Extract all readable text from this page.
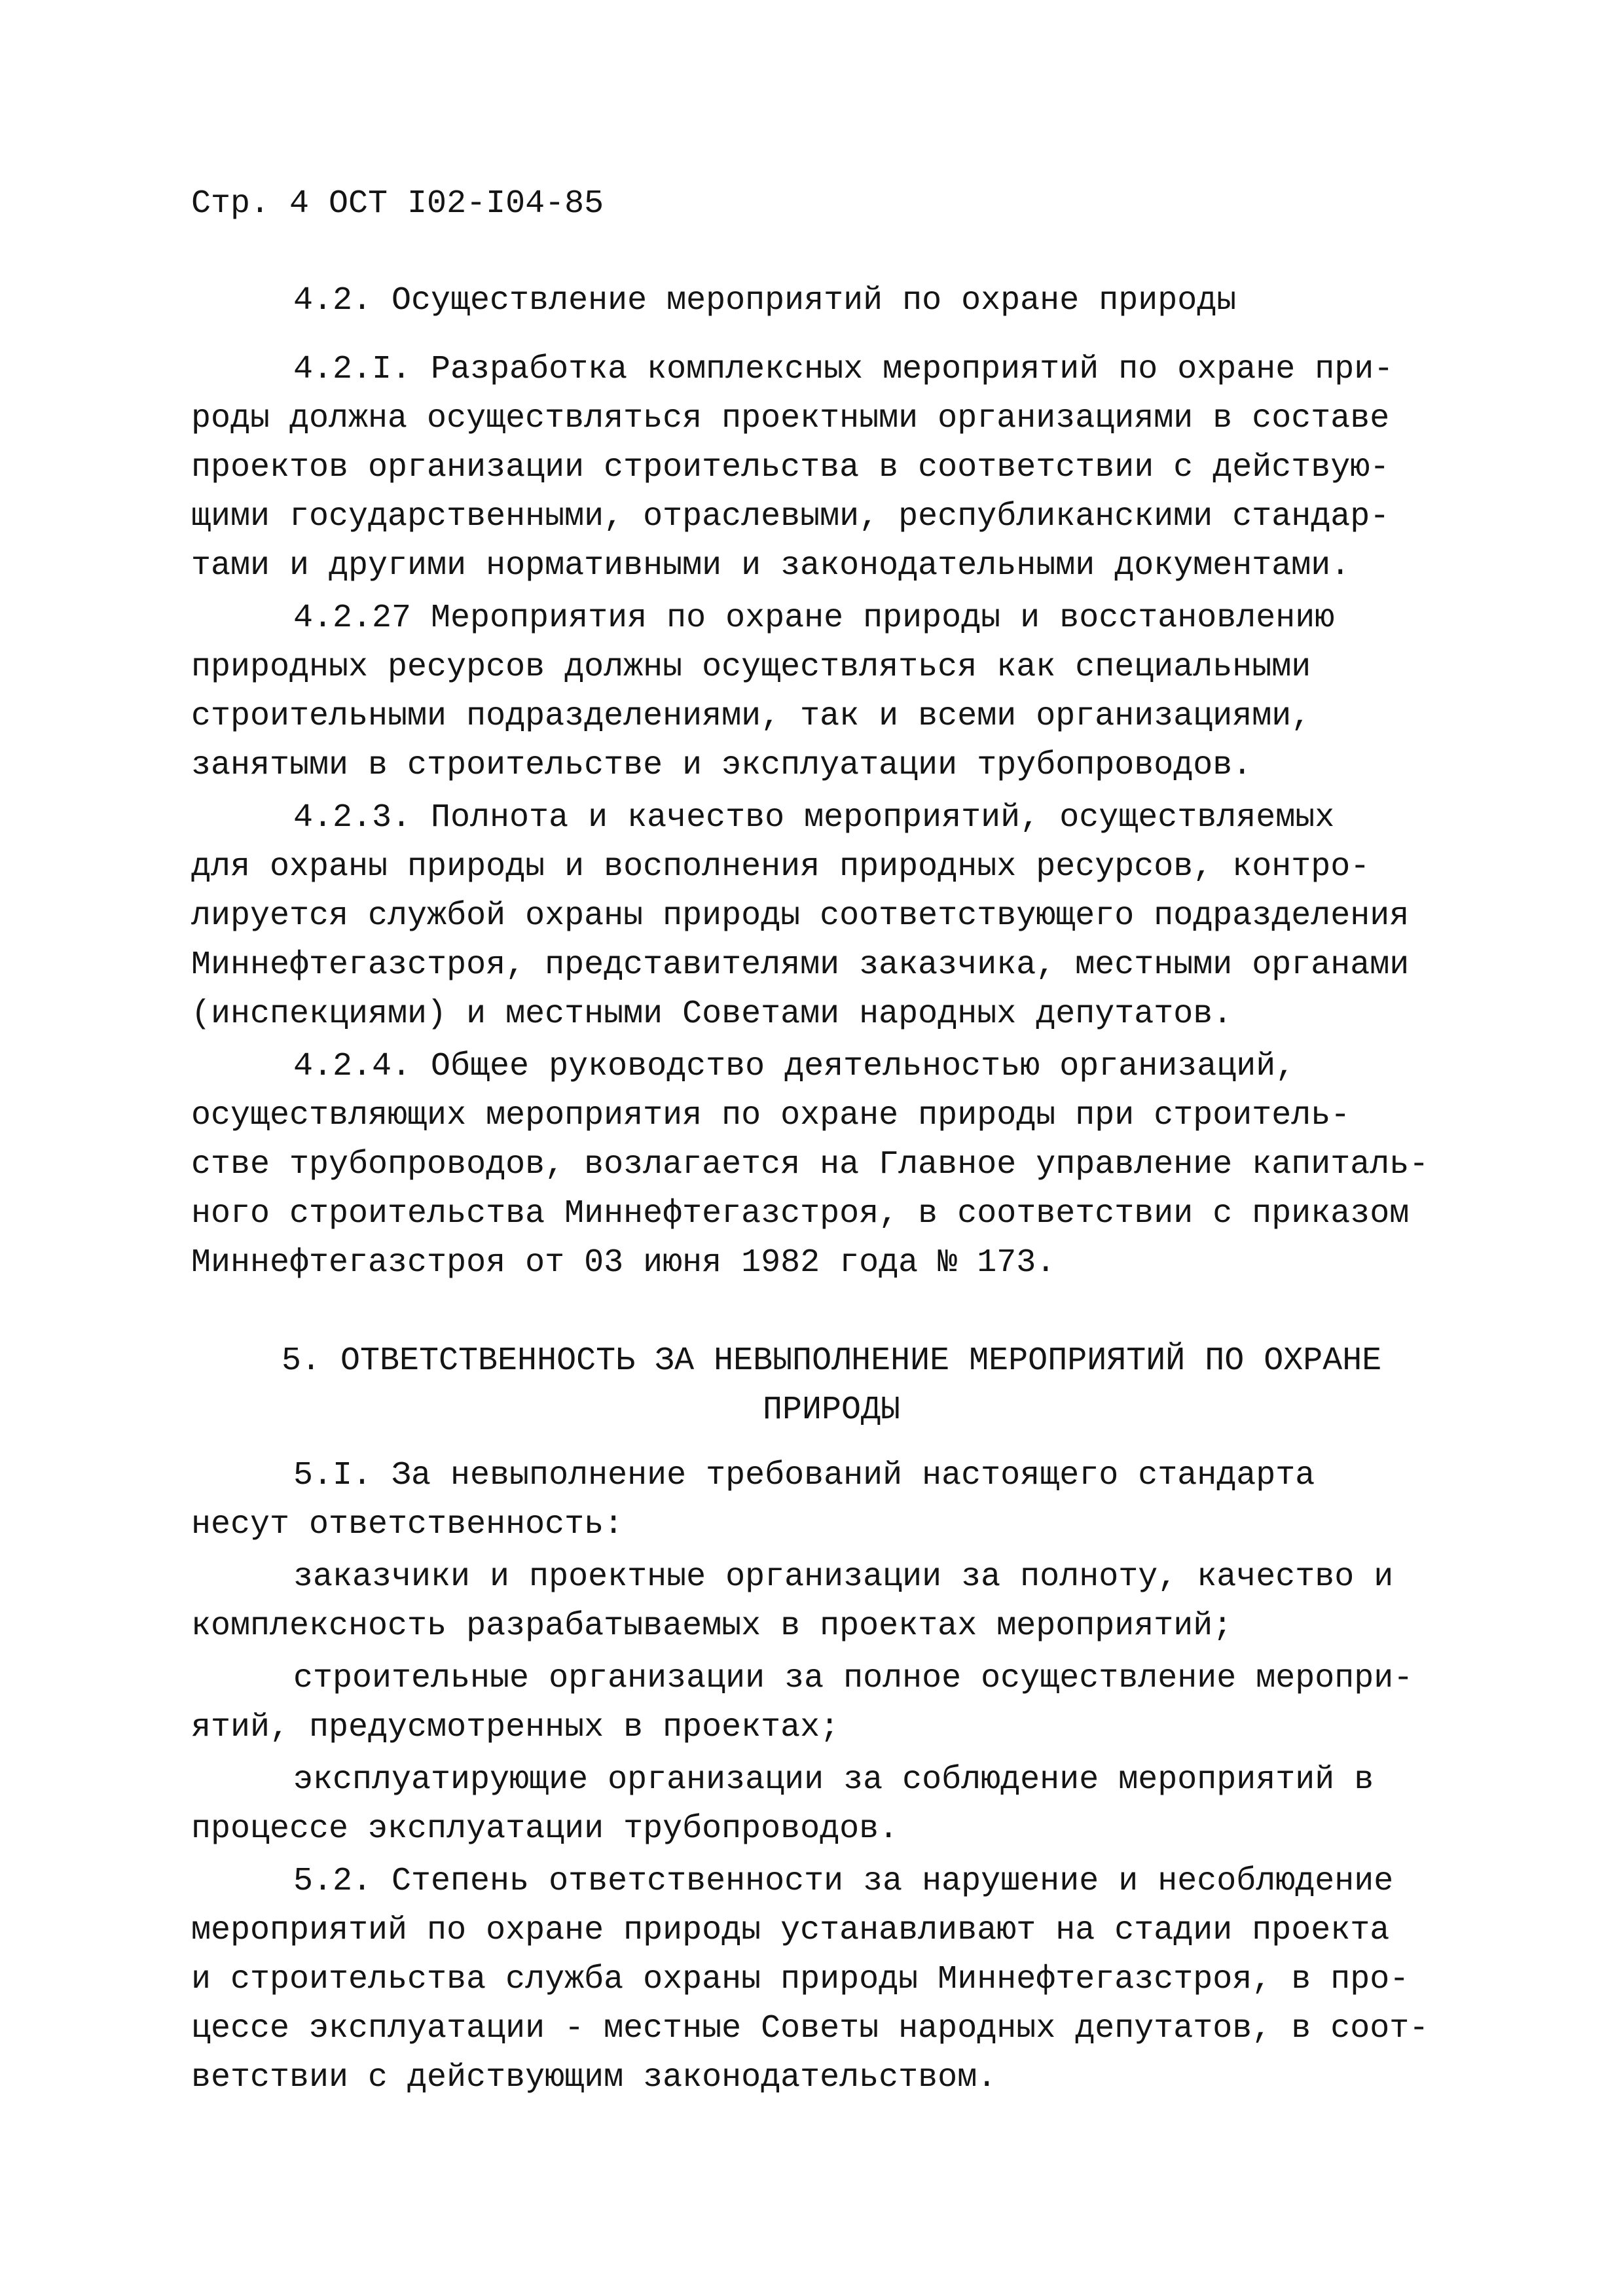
Стр. 4 ОСТ I02-I04-85
4.2. Осуществление мероприятий по охране природы
4.2.I. Разработка комплексных мероприятий по охране при-
роды должна осуществляться проектными организациями в составе
проектов организации строительства в соответствии с действую-
щими государственными, отраслевыми, республиканскими стандар-
тами и другими нормативными и законодательными документами.
4.2.27 Мероприятия по охране природы и восстановлению
природных ресурсов должны осуществляться как специальными
строительными подразделениями, так и всеми организациями,
занятыми в строительстве и эксплуатации трубопроводов.
4.2.3. Полнота и качество мероприятий, осуществляемых
для охраны природы и восполнения природных ресурсов, контро-
лируется службой охраны природы соответствующего подразделения
Миннефтегазстроя, представителями заказчика, местными органами
(инспекциями) и местными Советами народных депутатов.
4.2.4. Общее руководство деятельностью организаций,
осуществляющих мероприятия по охране природы при строитель-
стве трубопроводов, возлагается на Главное управление капиталь-
ного строительства Миннефтегазстроя, в соответствии с приказом
Миннефтегазстроя от 03 июня 1982 года № 173.
5. ОТВЕТСТВЕННОСТЬ ЗА НЕВЫПОЛНЕНИЕ МЕРОПРИЯТИЙ ПО ОХРАНЕ
ПРИРОДЫ
5.I. За невыполнение требований настоящего стандарта
несут ответственность:
заказчики и проектные организации за полноту, качество и
комплексность разрабатываемых в проектах мероприятий;
строительные организации за полное осуществление меропри-
ятий, предусмотренных в проектах;
эксплуатирующие организации за соблюдение мероприятий в
процессе эксплуатации трубопроводов.
5.2. Степень ответственности за нарушение и несоблюдение
мероприятий по охране природы устанавливают на стадии проекта
и строительства служба охраны природы Миннефтегазстроя, в про-
цессе эксплуатации - местные Советы народных депутатов, в соот-
ветствии с действующим законодательством.
